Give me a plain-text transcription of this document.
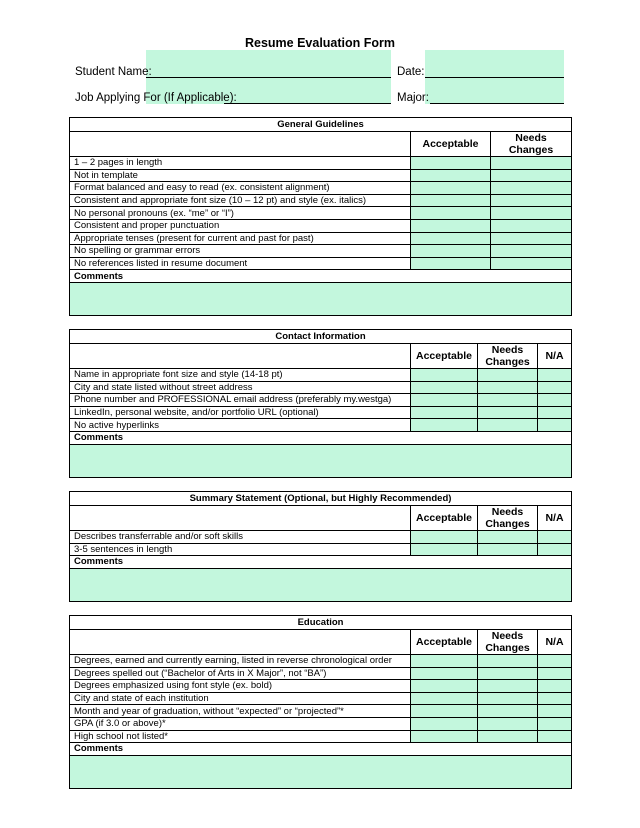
Resume Evaluation Form
Student Name:	Date:
Job Applying For (If Applicable):	Major:
General Guidelines		
	Acceptable	Needs Changes
1 – 2 pages in length		
Not in template		
Format balanced and easy to read (ex. consistent alignment)		
Consistent and appropriate font size (10 – 12 pt) and style (ex. italics)		
No personal pronouns (ex. “me” or “I”)		
Consistent and proper punctuation		
Appropriate tenses (present for current and past for past)		
No spelling or grammar errors		
No references listed in resume document		
Comments		

Contact Information			
	Acceptable	Needs Changes	N/A
Name in appropriate font size and style (14-18 pt)			
City and state listed without street address			
Phone number and PROFESSIONAL email address (preferably my.westga)			
LinkedIn, personal website, and/or portfolio URL (optional)			
No active hyperlinks			
Comments			

Summary Statement (Optional, but Highly Recommended)			
	Acceptable	Needs Changes	N/A
Describes transferrable and/or soft skills			
3-5 sentences in length			
Comments			

Education			
	Acceptable	Needs Changes	N/A
Degrees, earned and currently earning, listed in reverse chronological order			
Degrees spelled out (“Bachelor of Arts in X Major”, not “BA”)			
Degrees emphasized using font style (ex. bold)			
City and state of each institution			
Month and year of graduation, without “expected” or “projected”*			
GPA (if 3.0 or above)*			
High school not listed*			
Comments			
